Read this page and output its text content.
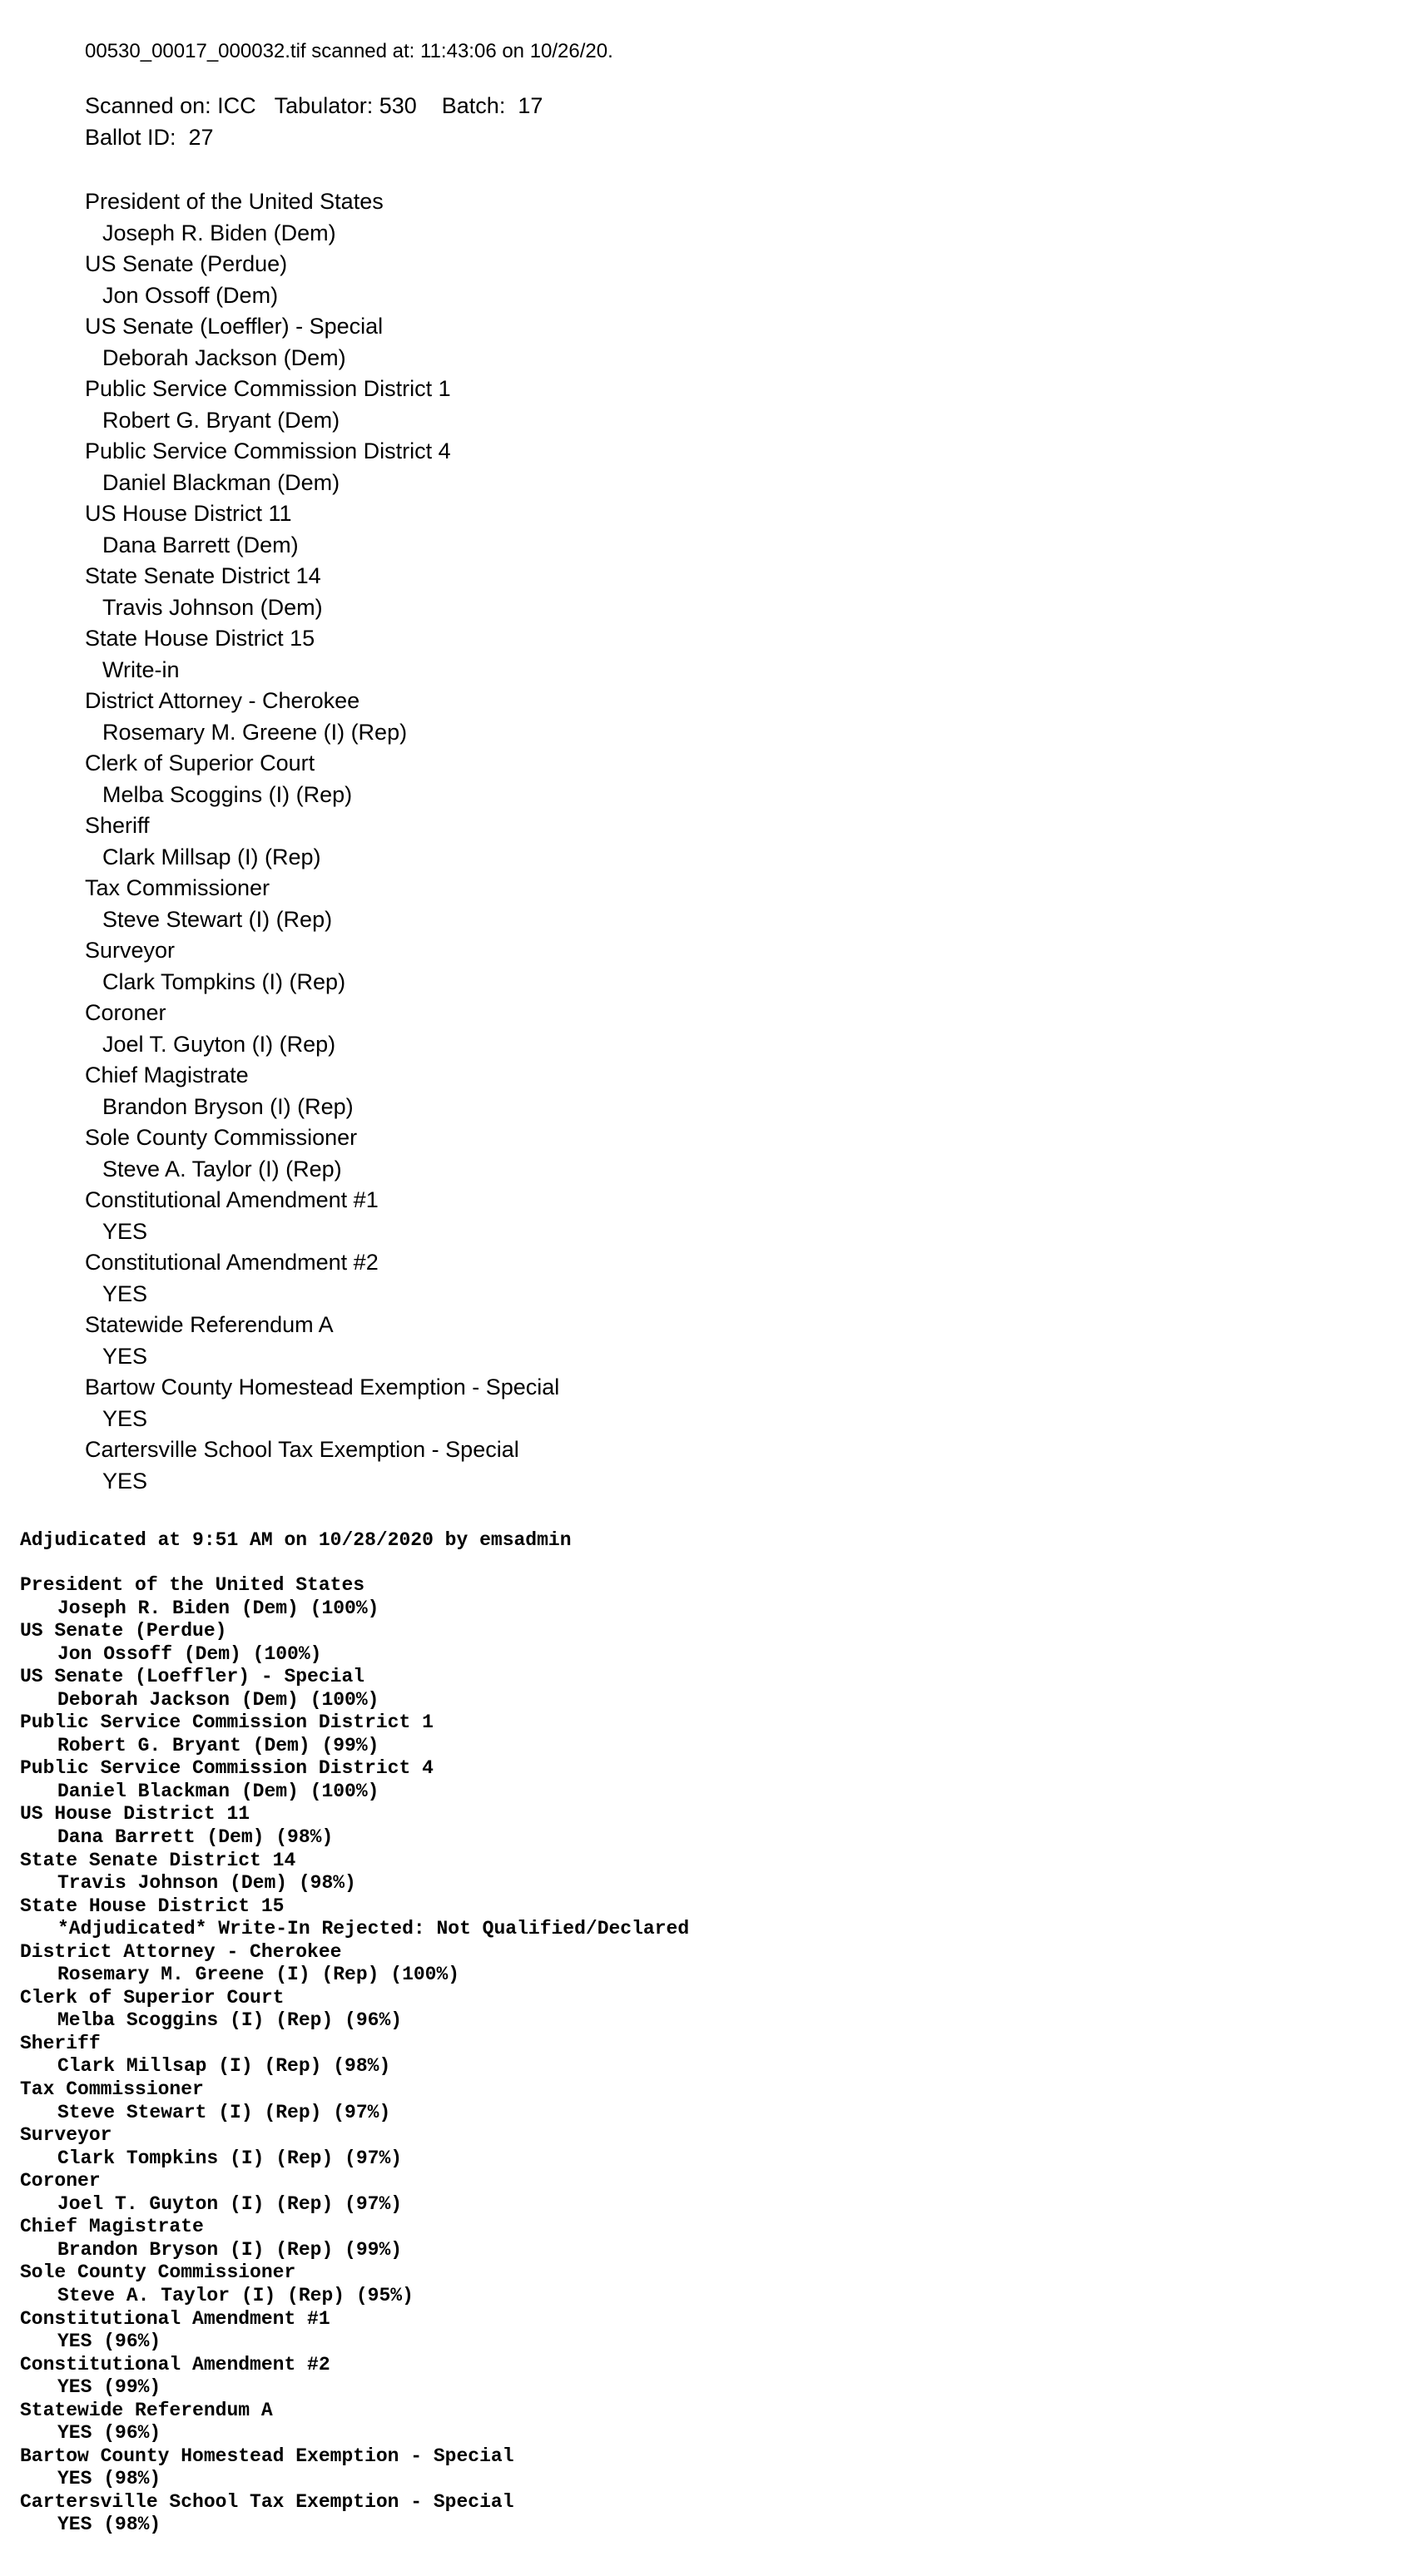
00530_00017_000032.tif scanned at: 11:43:06 on 10/26/20.
Scanned on: ICC   Tabulator: 530    Batch:  17
Ballot ID:  27
President of the United States
Joseph R. Biden (Dem)
US Senate (Perdue)
Jon Ossoff (Dem)
US Senate (Loeffler) - Special
Deborah Jackson (Dem)
Public Service Commission District 1
Robert G. Bryant (Dem)
Public Service Commission District 4
Daniel Blackman (Dem)
US House District 11
Dana Barrett (Dem)
State Senate District 14
Travis Johnson (Dem)
State House District 15
Write-in
District Attorney - Cherokee
Rosemary M. Greene (I) (Rep)
Clerk of Superior Court
Melba Scoggins (I) (Rep)
Sheriff
Clark Millsap (I) (Rep)
Tax Commissioner
Steve Stewart (I) (Rep)
Surveyor
Clark Tompkins (I) (Rep)
Coroner
Joel T. Guyton (I) (Rep)
Chief Magistrate
Brandon Bryson (I) (Rep)
Sole County Commissioner
Steve A. Taylor (I) (Rep)
Constitutional Amendment #1
YES
Constitutional Amendment #2
YES
Statewide Referendum A
YES
Bartow County Homestead Exemption - Special
YES
Cartersville School Tax Exemption - Special
YES
Adjudicated at 9:51 AM on 10/28/2020 by emsadmin
President of the United States
Joseph R. Biden (Dem) (100%)
US Senate (Perdue)
Jon Ossoff (Dem) (100%)
US Senate (Loeffler) - Special
Deborah Jackson (Dem) (100%)
Public Service Commission District 1
Robert G. Bryant (Dem) (99%)
Public Service Commission District 4
Daniel Blackman (Dem) (100%)
US House District 11
Dana Barrett (Dem) (98%)
State Senate District 14
Travis Johnson (Dem) (98%)
State House District 15
*Adjudicated* Write-In Rejected: Not Qualified/Declared
District Attorney - Cherokee
Rosemary M. Greene (I) (Rep) (100%)
Clerk of Superior Court
Melba Scoggins (I) (Rep) (96%)
Sheriff
Clark Millsap (I) (Rep) (98%)
Tax Commissioner
Steve Stewart (I) (Rep) (97%)
Surveyor
Clark Tompkins (I) (Rep) (97%)
Coroner
Joel T. Guyton (I) (Rep) (97%)
Chief Magistrate
Brandon Bryson (I) (Rep) (99%)
Sole County Commissioner
Steve A. Taylor (I) (Rep) (95%)
Constitutional Amendment #1
YES (96%)
Constitutional Amendment #2
YES (99%)
Statewide Referendum A
YES (96%)
Bartow County Homestead Exemption - Special
YES (98%)
Cartersville School Tax Exemption - Special
YES (98%)
